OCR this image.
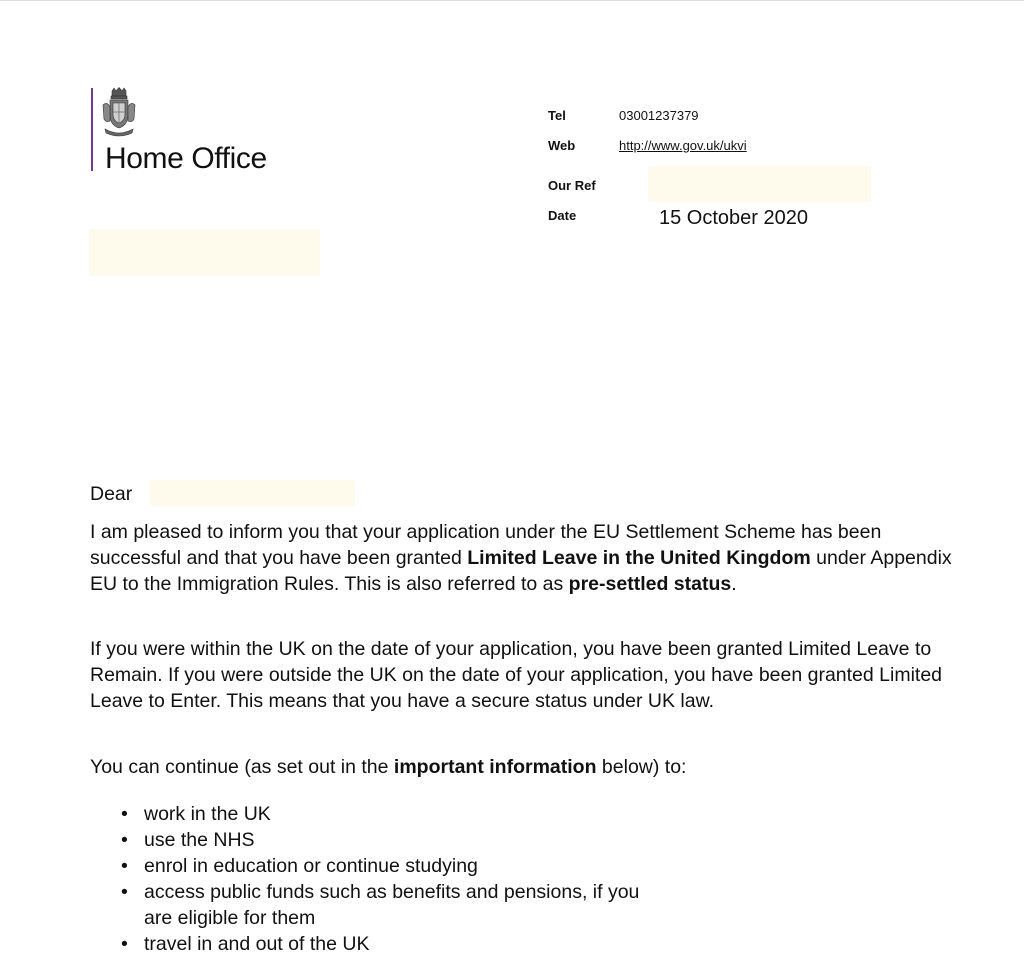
Home Office
Tel	03001237379
Web	http://www.gov.uk/ukvi
Our Ref
Date	15 October 2020
Dear
I am pleased to inform you that your application under the EU Settlement Scheme has been successful and that you have been granted Limited Leave in the United Kingdom under Appendix EU to the Immigration Rules. This is also referred to as pre-settled status.
If you were within the UK on the date of your application, you have been granted Limited Leave to Remain. If you were outside the UK on the date of your application, you have been granted Limited Leave to Enter. This means that you have a secure status under UK law.
You can continue (as set out in the important information below) to:
• work in the UK
• use the NHS
• enrol in education or continue studying
• access public funds such as benefits and pensions, if you are eligible for them
• travel in and out of the UK
